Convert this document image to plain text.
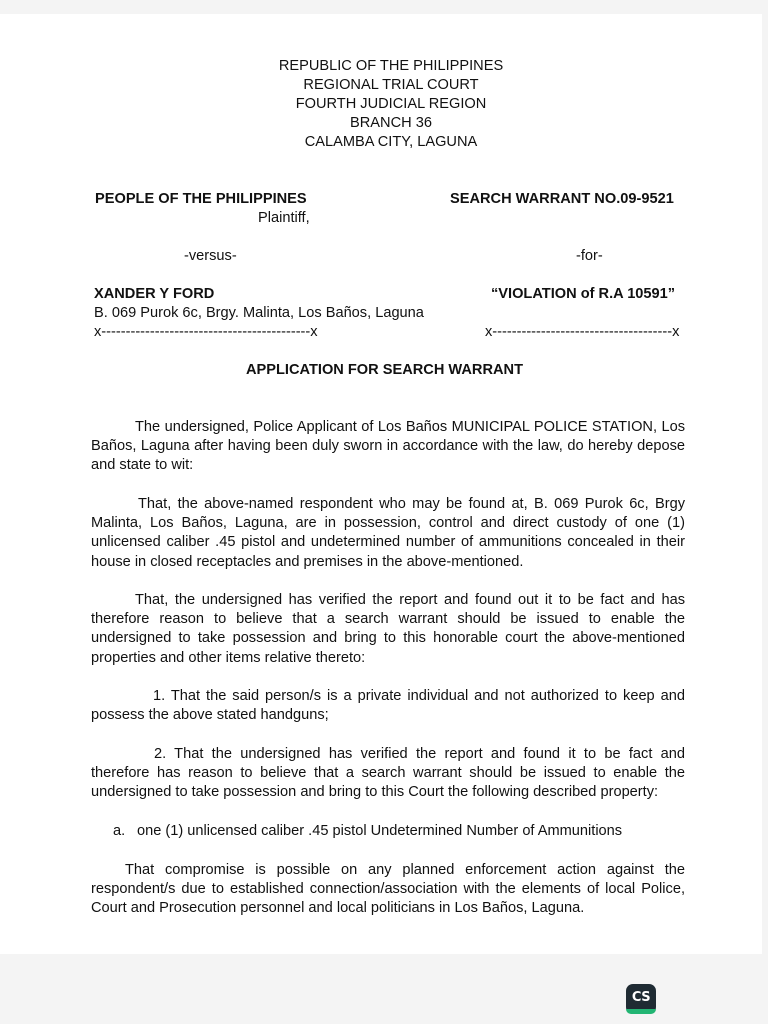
REPUBLIC OF THE PHILIPPINES
REGIONAL TRIAL COURT
FOURTH JUDICIAL REGION
BRANCH 36
CALAMBA CITY, LAGUNA
PEOPLE OF THE PHILIPPINES
Plaintiff,
-versus-
XANDER Y FORD
B. 069 Purok 6c, Brgy. Malinta, Los Baños, Laguna
x-------------------------------------------x
SEARCH WARRANT NO.09-9521
-for-
“VIOLATION of R.A 10591”
x-------------------------------------x
APPLICATION FOR SEARCH WARRANT

The undersigned, Police Applicant of Los Baños MUNICIPAL POLICE STATION, Los Baños, Laguna after having been duly sworn in accordance with the law, do hereby depose and state to wit:

That, the above-named respondent who may be found at, B. 069 Purok 6c, Brgy Malinta, Los Baños, Laguna, are in possession, control and direct custody of one (1) unlicensed caliber .45 pistol and undetermined number of ammunitions concealed in their house in closed receptacles and premises in the above-mentioned.

That, the undersigned has verified the report and found out it to be fact and has therefore reason to believe that a search warrant should be issued to enable the undersigned to take possession and bring to this honorable court the above-mentioned properties and other items relative thereto:

1. That the said person/s is a private individual and not authorized to keep and possess the above stated handguns;

2. That the undersigned has verified the report and found it to be fact and therefore has reason to believe that a search warrant should be issued to enable the undersigned to take possession and bring to this Court the following described property:

a. one (1) unlicensed caliber .45 pistol Undetermined Number of Ammunitions

That compromise is possible on any planned enforcement action against the respondent/s due to established connection/association with the elements of local Police, Court and Prosecution personnel and local politicians in Los Baños, Laguna.

CS
